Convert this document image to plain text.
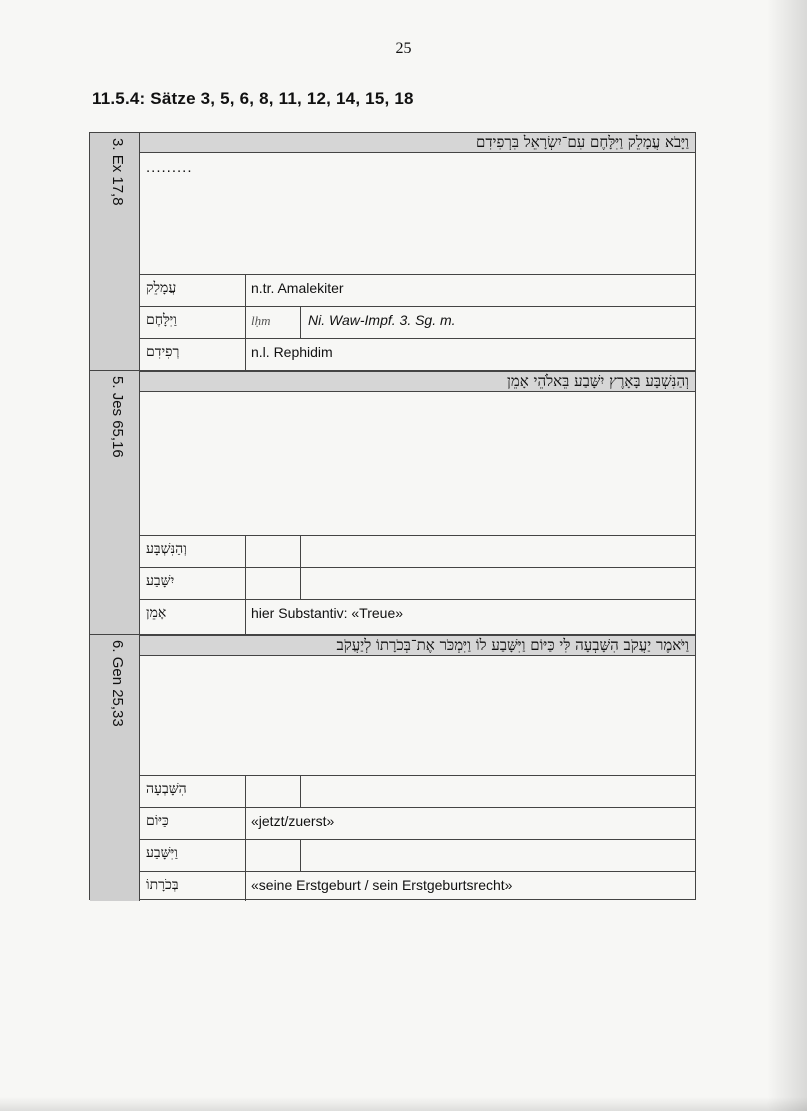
25
11.5.4: Sätze 3, 5, 6, 8, 11, 12, 14, 15, 18
3. Ex 17,8
וַיָּבֹא עֲמָלֵק וַיִּלָּחֶם עִם־יִשְׂרָאֵל בִּרְפִידִם
.........
עֲמָלֵק	n.tr. Amalekiter
וַיִּלָּחֶם	lḥm	Ni. Waw-Impf. 3. Sg. m.
רְפִידִם	n.l. Rephidim
5. Jes 65,16
וְהַנִּשְׁבָּע בָּאָרֶץ יִשָּׁבַע בֵּאלֹהֵי אָמֵן
וְהַנִּשְׁבָּע
יִשָּׁבַע
אָמֵן	hier Substantiv: «Treue»
6. Gen 25,33
וַיֹּאמֶר יַעֲקֹב הִשָּׁבְעָה לִּי כַּיּוֹם וַיִּשָּׁבַע לוֹ וַיִּמְכֹּר אֶת־בְּכֹרָתוֹ לְיַעֲקֹב
הִשָּׁבְעָה
כַּיּוֹם	«jetzt/zuerst»
וַיִּשָּׁבַע
בְּכֹרָתוֹ	«seine Erstgeburt / sein Erstgeburtsrecht»
